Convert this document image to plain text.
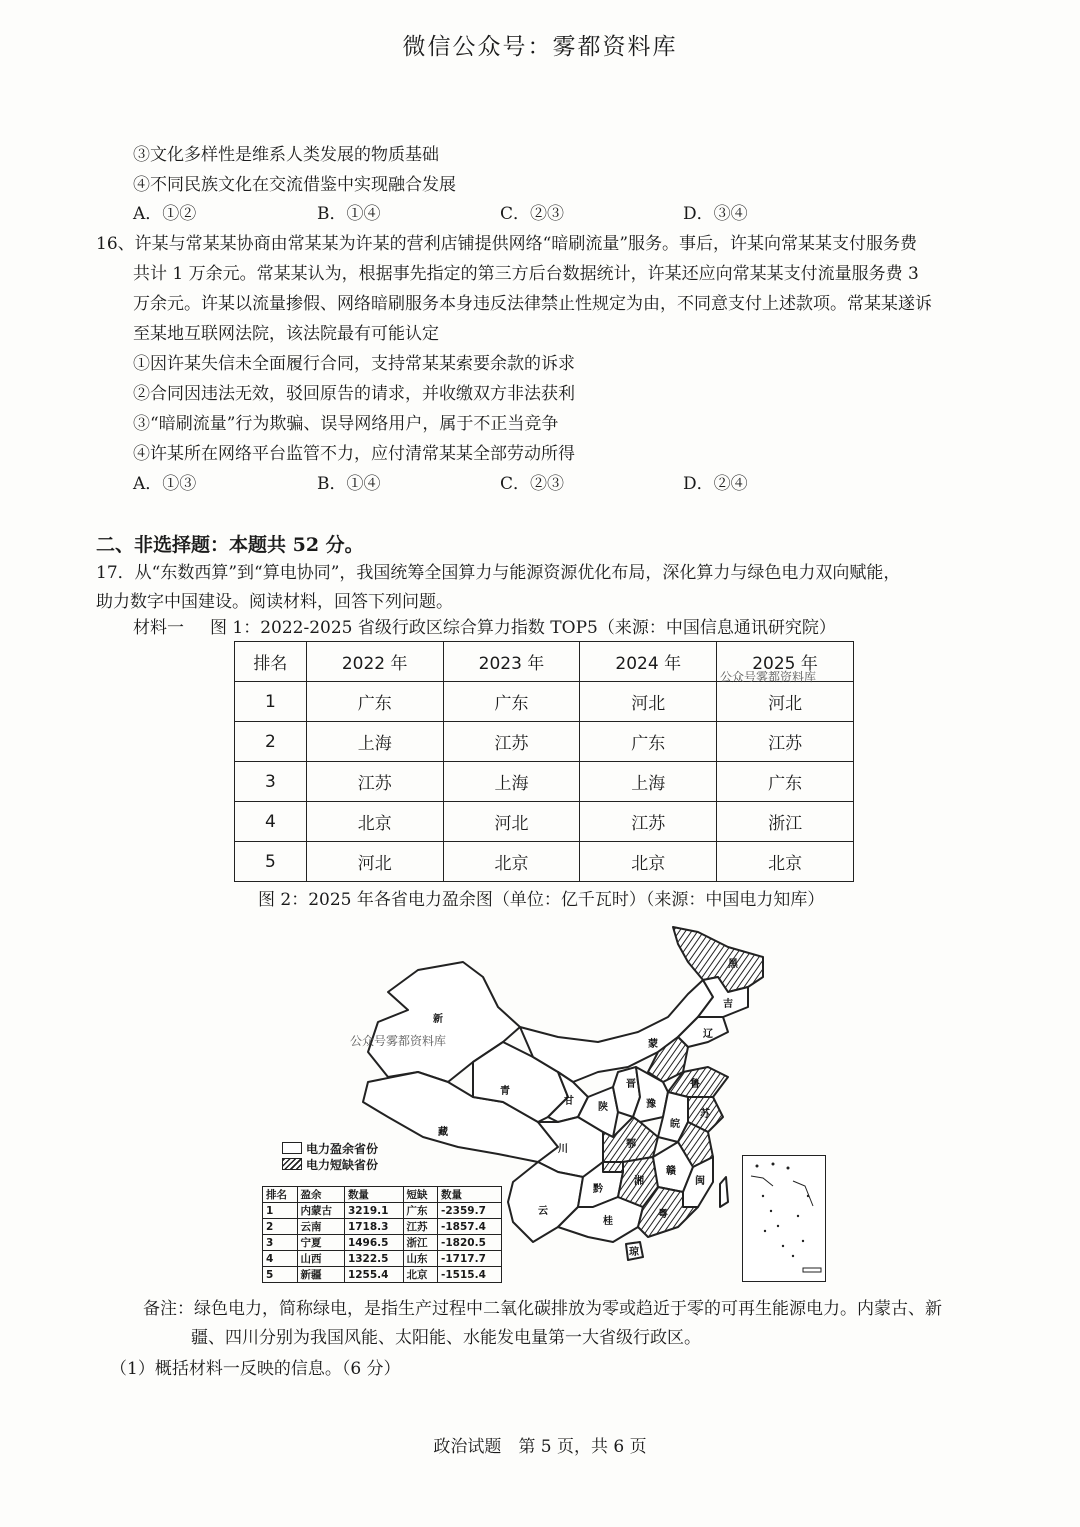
微信公众号：雾都资料库
③文化多样性是维系人类发展的物质基础
④不同民族文化在交流借鉴中实现融合发展
A．①②	B．①④	C．②③	D．③④
16、许某与常某某协商由常某某为许某的营利店铺提供网络“暗刷流量”服务。事后，许某向常某某支付服务费
共计 1 万余元。常某某认为，根据事先指定的第三方后台数据统计，许某还应向常某某支付流量服务费 3
万余元。许某以流量掺假、网络暗刷服务本身违反法律禁止性规定为由，不同意支付上述款项。常某某遂诉
至某地互联网法院，该法院最有可能认定
①因许某失信未全面履行合同，支持常某某索要余款的诉求
②合同因违法无效，驳回原告的请求，并收缴双方非法获利
③“暗刷流量”行为欺骗、误导网络用户，属于不正当竞争
④许某所在网络平台监管不力，应付清常某某全部劳动所得
A．①③	B．①④	C．②③	D．②④
二、非选择题：本题共 52 分。
17．从“东数西算”到“算电协同”，我国统筹全国算力与能源资源优化布局，深化算力与绿色电力双向赋能，
助力数字中国建设。阅读材料，回答下列问题。
材料一 图 1：2022-2025 省级行政区综合算力指数 TOP5（来源：中国信息通讯研究院）
排名	2022 年	2023 年	2024 年	2025 年
1	广东	广东	河北	河北
2	上海	江苏	广东	江苏
3	江苏	上海	上海	广东
4	北京	河北	江苏	浙江
5	河北	北京	北京	北京
公众号雾都资料库
图 2：2025 年各省电力盈余图（单位：亿千瓦时）（来源：中国电力知库）
新
青
藏
川
甘
蒙
黑
吉
辽
晋
陕	豫
鲁
苏
皖
鄂
湘
赣
闽
粤
桂
黔
云
琼
公众号雾都资料库
电力盈余省份
电力短缺省份
排名	盈余	数量	短缺	数量
1	内蒙古	3219.1	广东	-2359.7
2	云南	1718.3	江苏	-1857.4
3	宁夏	1496.5	浙江	-1820.5
4	山西	1322.5	山东	-1717.7
5	新疆	1255.4	北京	-1515.4
备注：绿色电力，简称绿电，是指生产过程中二氧化碳排放为零或趋近于零的可再生能源电力。内蒙古、新
疆、四川分别为我国风能、太阳能、水能发电量第一大省级行政区。
（1）概括材料一反映的信息。（6 分）
政治试题　第 5 页，共 6 页
